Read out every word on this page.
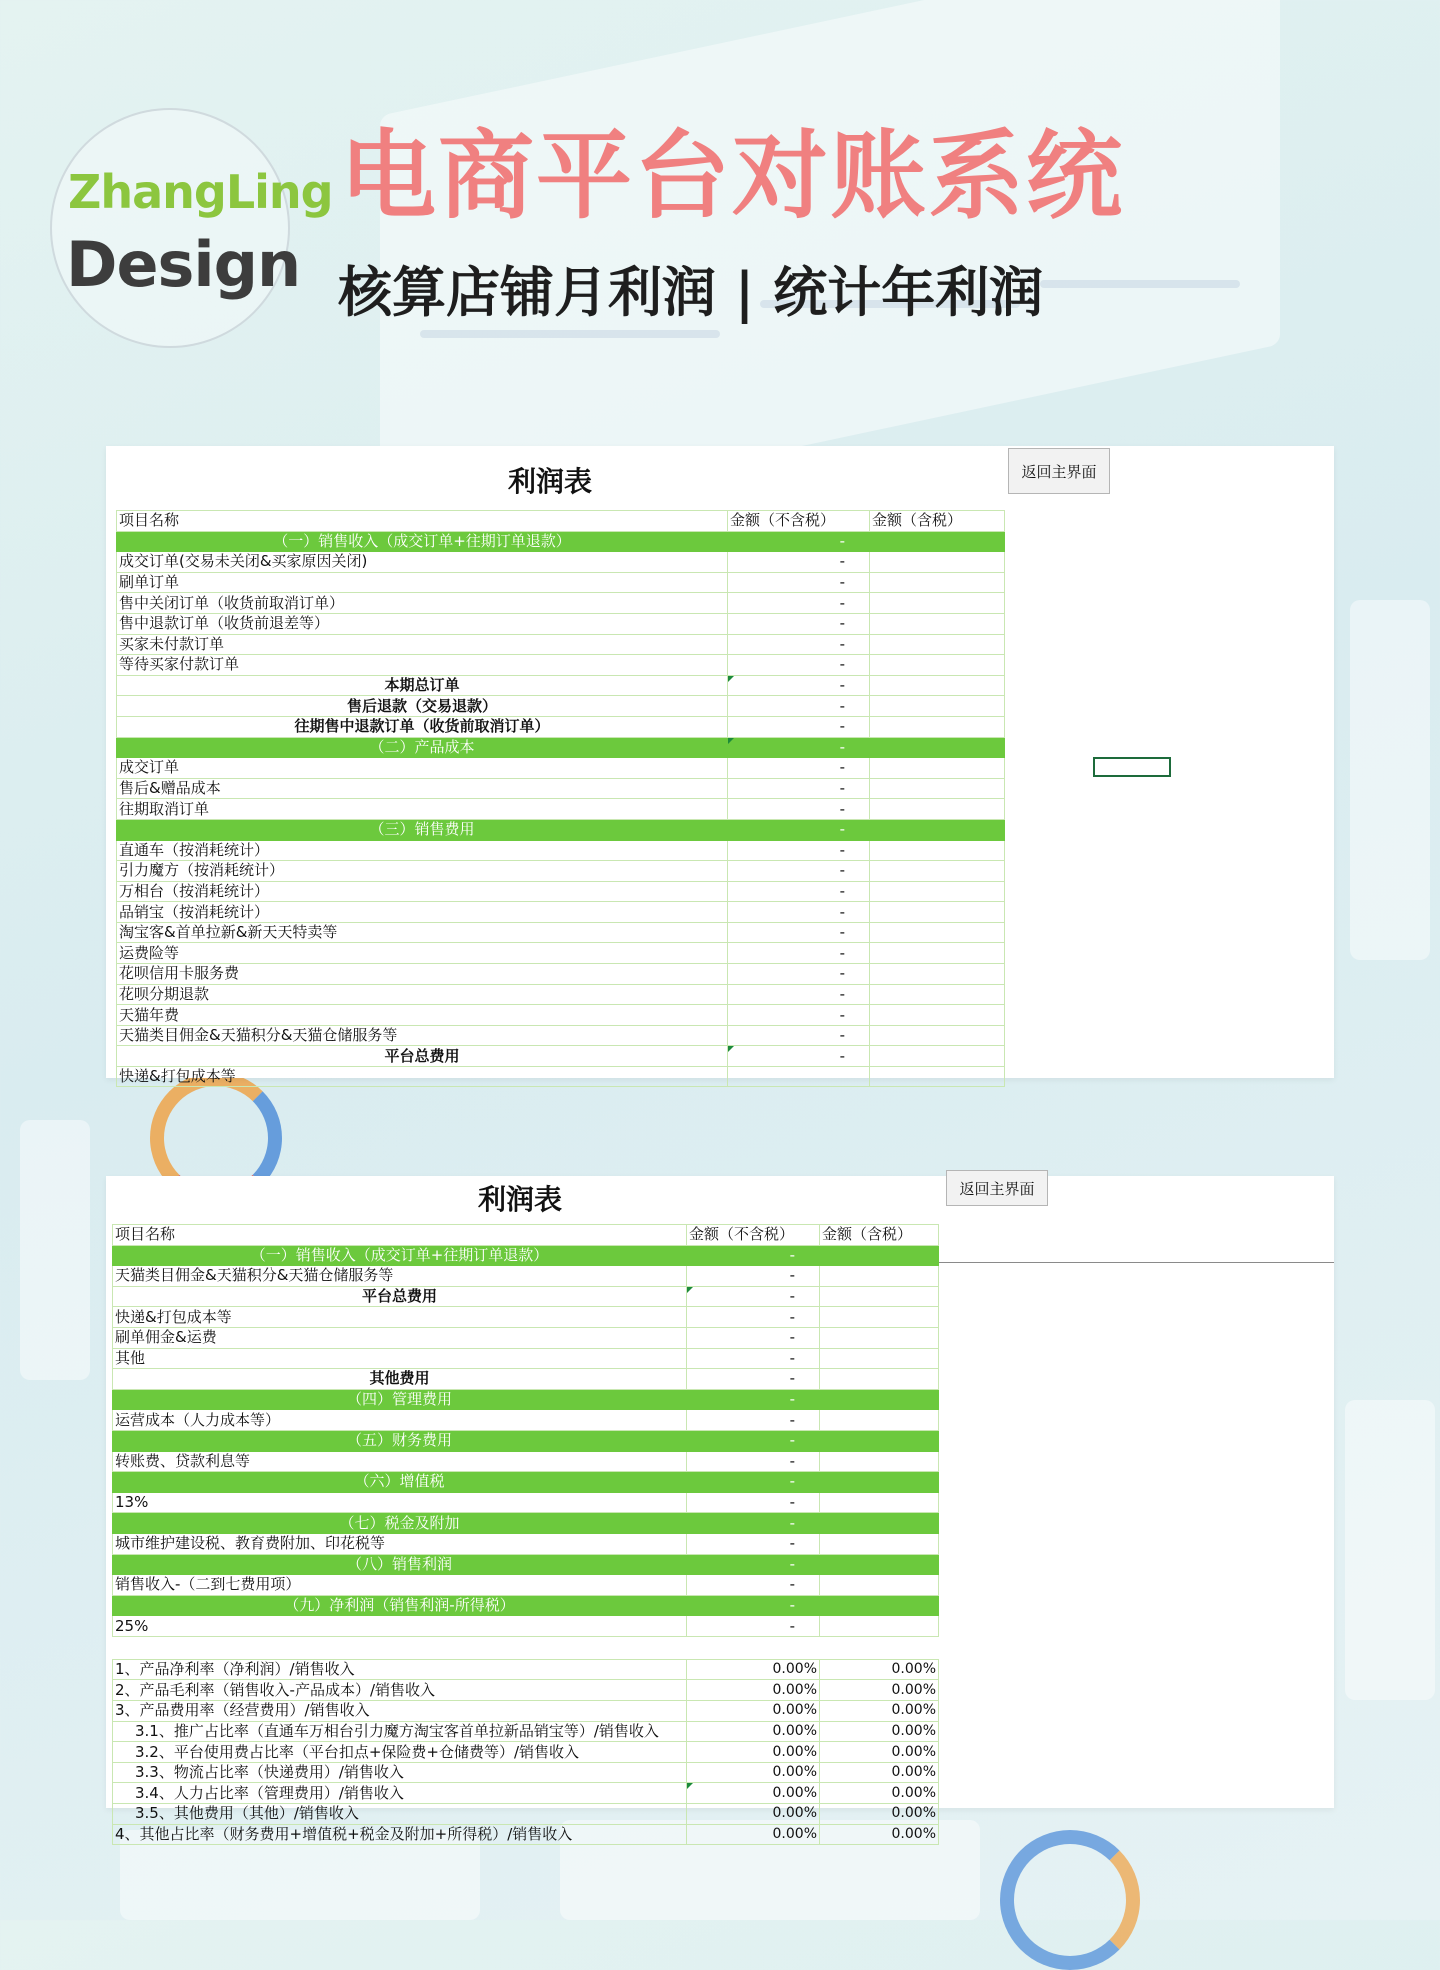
ZhangLing
Design
电商平台对账系统
核算店铺月利润 | 统计年利润
利润表	返回主界面
项目名称	金额（不含税）	金额（含税）
（一）销售收入（成交订单+往期订单退款）	-	
成交订单(交易未关闭&买家原因关闭)	-	
刷单订单	-	
售中关闭订单（收货前取消订单）	-	
售中退款订单（收货前退差等）	-	
买家未付款订单	-	
等待买家付款订单	-	
本期总订单	-	
售后退款（交易退款）	-	
往期售中退款订单（收货前取消订单）	-	
（二）产品成本	-	
成交订单	-	
售后&赠品成本	-	
往期取消订单	-	
（三）销售费用	-	
直通车（按消耗统计）	-	
引力魔方（按消耗统计）	-	
万相台（按消耗统计）	-	
品销宝（按消耗统计）	-	
淘宝客&首单拉新&新天天特卖等	-	
运费险等	-	
花呗信用卡服务费	-	
花呗分期退款	-	
天猫年费	-	
天猫类目佣金&天猫积分&天猫仓储服务等	-	
平台总费用	-	
快递&打包成本等		
利润表	返回主界面
项目名称	金额（不含税）	金额（含税）
（一）销售收入（成交订单+往期订单退款）	-	
天猫类目佣金&天猫积分&天猫仓储服务等	-	
平台总费用	-	
快递&打包成本等	-	
刷单佣金&运费	-	
其他	-	
其他费用	-	
（四）管理费用	-	
运营成本（人力成本等）	-	
（五）财务费用	-	
转账费、贷款利息等	-	
（六）增值税	-	
13%	-	
（七）税金及附加	-	
城市维护建设税、教育费附加、印花税等	-	
（八）销售利润	-	
销售收入-（二到七费用项）	-	
（九）净利润（销售利润-所得税）	-	
25%	-	

1、产品净利率（净利润）/销售收入	0.00%	0.00%
2、产品毛利率（销售收入-产品成本）/销售收入	0.00%	0.00%
3、产品费用率（经营费用）/销售收入	0.00%	0.00%
3.1、推广占比率（直通车万相台引力魔方淘宝客首单拉新品销宝等）/销售收入	0.00%	0.00%
3.2、平台使用费占比率（平台扣点+保险费+仓储费等）/销售收入	0.00%	0.00%
3.3、物流占比率（快递费用）/销售收入	0.00%	0.00%
3.4、人力占比率（管理费用）/销售收入	0.00%	0.00%
3.5、其他费用（其他）/销售收入	0.00%	0.00%
4、其他占比率（财务费用+增值税+税金及附加+所得税）/销售收入	0.00%	0.00%
